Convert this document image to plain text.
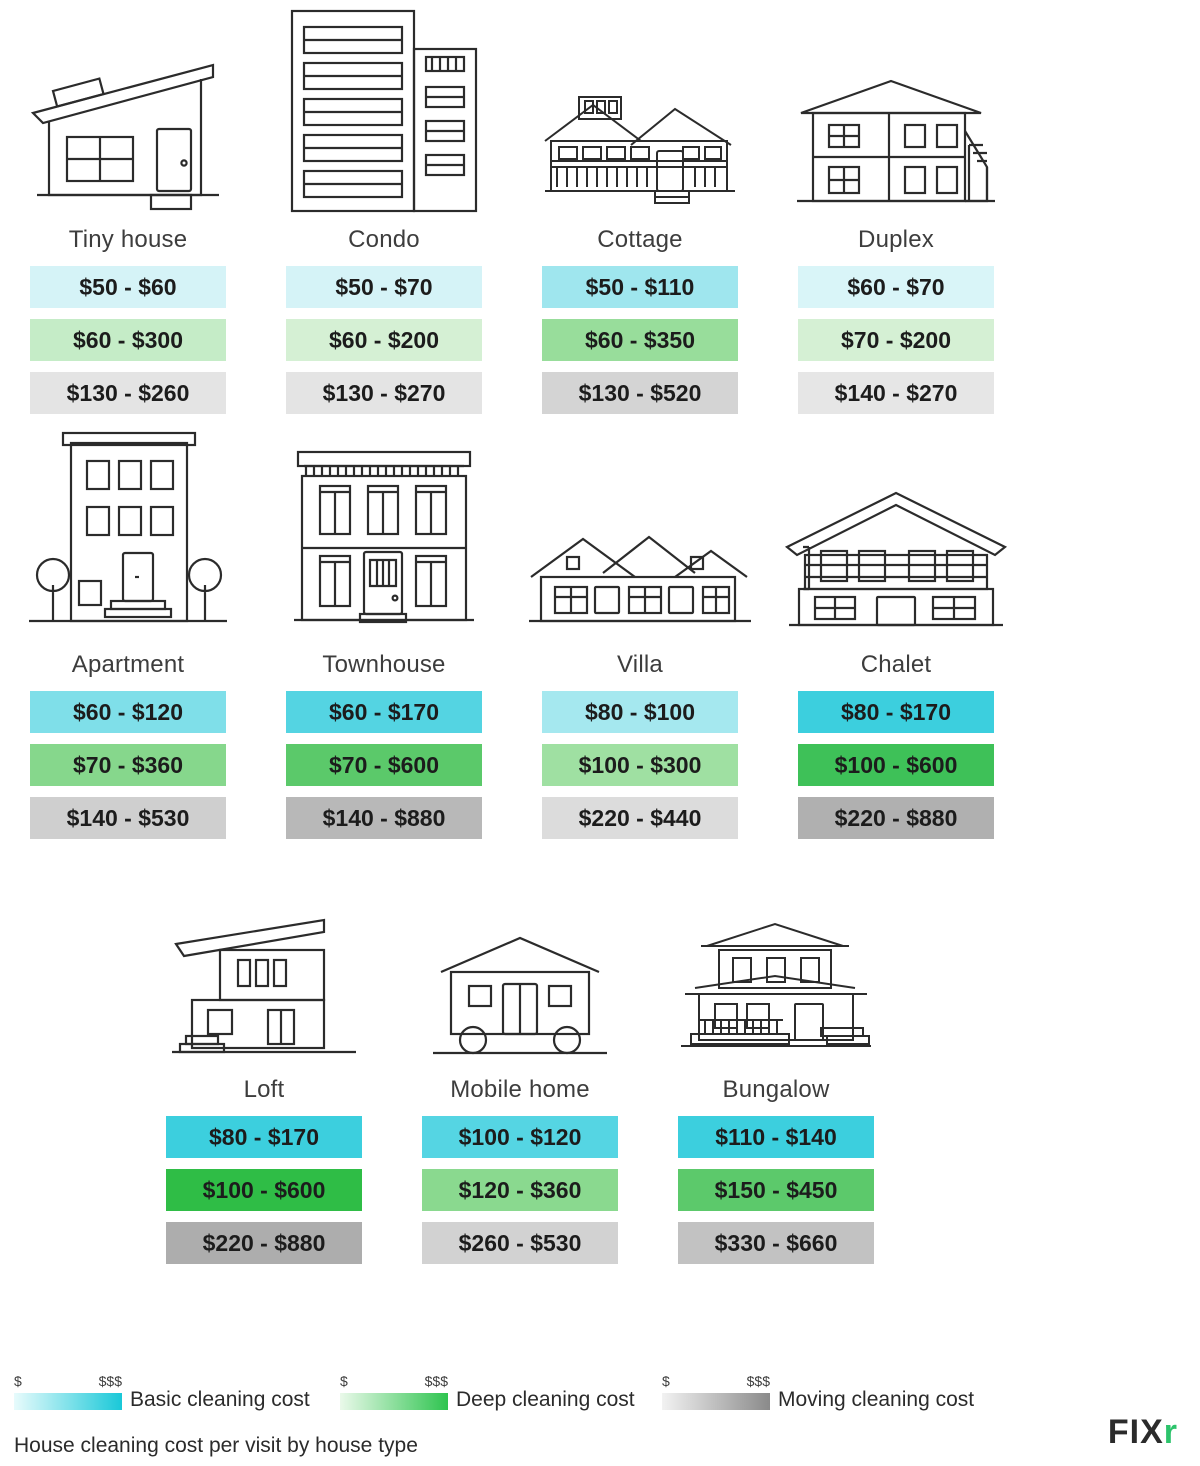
Tiny house
$50 - $60
$60 - $300
$130 - $260
Condo
$50 - $70
$60 - $200
$130 - $270
Cottage
$50 - $110
$60 - $350
$130 - $520
Duplex
$60 - $70
$70 - $200
$140 - $270
Apartment
$60 - $120
$70 - $360
$140 - $530
Townhouse
$60 - $170
$70 - $600
$140 - $880
Villa
$80 - $100
$100 - $300
$220 - $440
Chalet
$80 - $170
$100 - $600
$220 - $880
Loft
$80 - $170
$100 - $600
$220 - $880
Mobile home
$100 - $120
$120 - $360
$260 - $530
Bungalow
$110 - $140
$150 - $450
$330 - $660
$	$$$
Basic cleaning cost
$	$$$
Deep cleaning cost
$	$$$
Moving cleaning cost
House cleaning cost per visit by house type	FIXr
